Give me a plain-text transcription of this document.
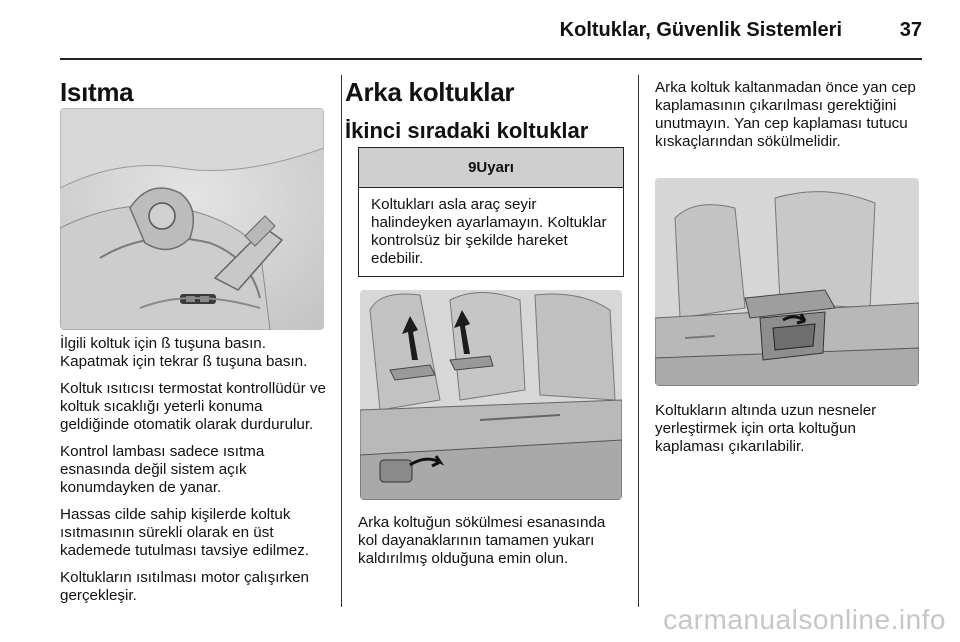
Koltuklar, Güvenlik Sistemleri	37
Isıtma

İlgili koltuk için ß tuşuna basın. Kapatmak için tekrar ß tuşuna basın.

Koltuk ısıtıcısı termostat kontrollüdür ve koltuk sıcaklığı yeterli konuma geldiğinde otomatik olarak durdurulur.

Kontrol lambası sadece ısıtma esnasında değil sistem açık konumdayken de yanar.

Hassas cilde sahip kişilerde koltuk ısıtmasının sürekli olarak en üst kademede tutulması tavsiye edilmez.

Koltukların ısıtılması motor çalışırken gerçekleşir.

Arka koltuklar
İkinci sıradaki koltuklar
9Uyarı

Koltukları asla araç seyir halindeyken ayarlamayın. Koltuklar kontrolsüz bir şekilde hareket edebilir.

Arka koltuğun sökülmesi esanasında kol dayanaklarının tamamen yukarı kaldırılmış olduğuna emin olun.

Arka koltuk kaltanmadan önce yan cep kaplamasının çıkarılması gerektiğini unutmayın. Yan cep kaplaması tutucu kıskaçlarından sökülmelidir.

Koltukların altında uzun nesneler yerleştirmek için orta koltuğun kaplaması çıkarılabilir.

carmanualsonline.info
